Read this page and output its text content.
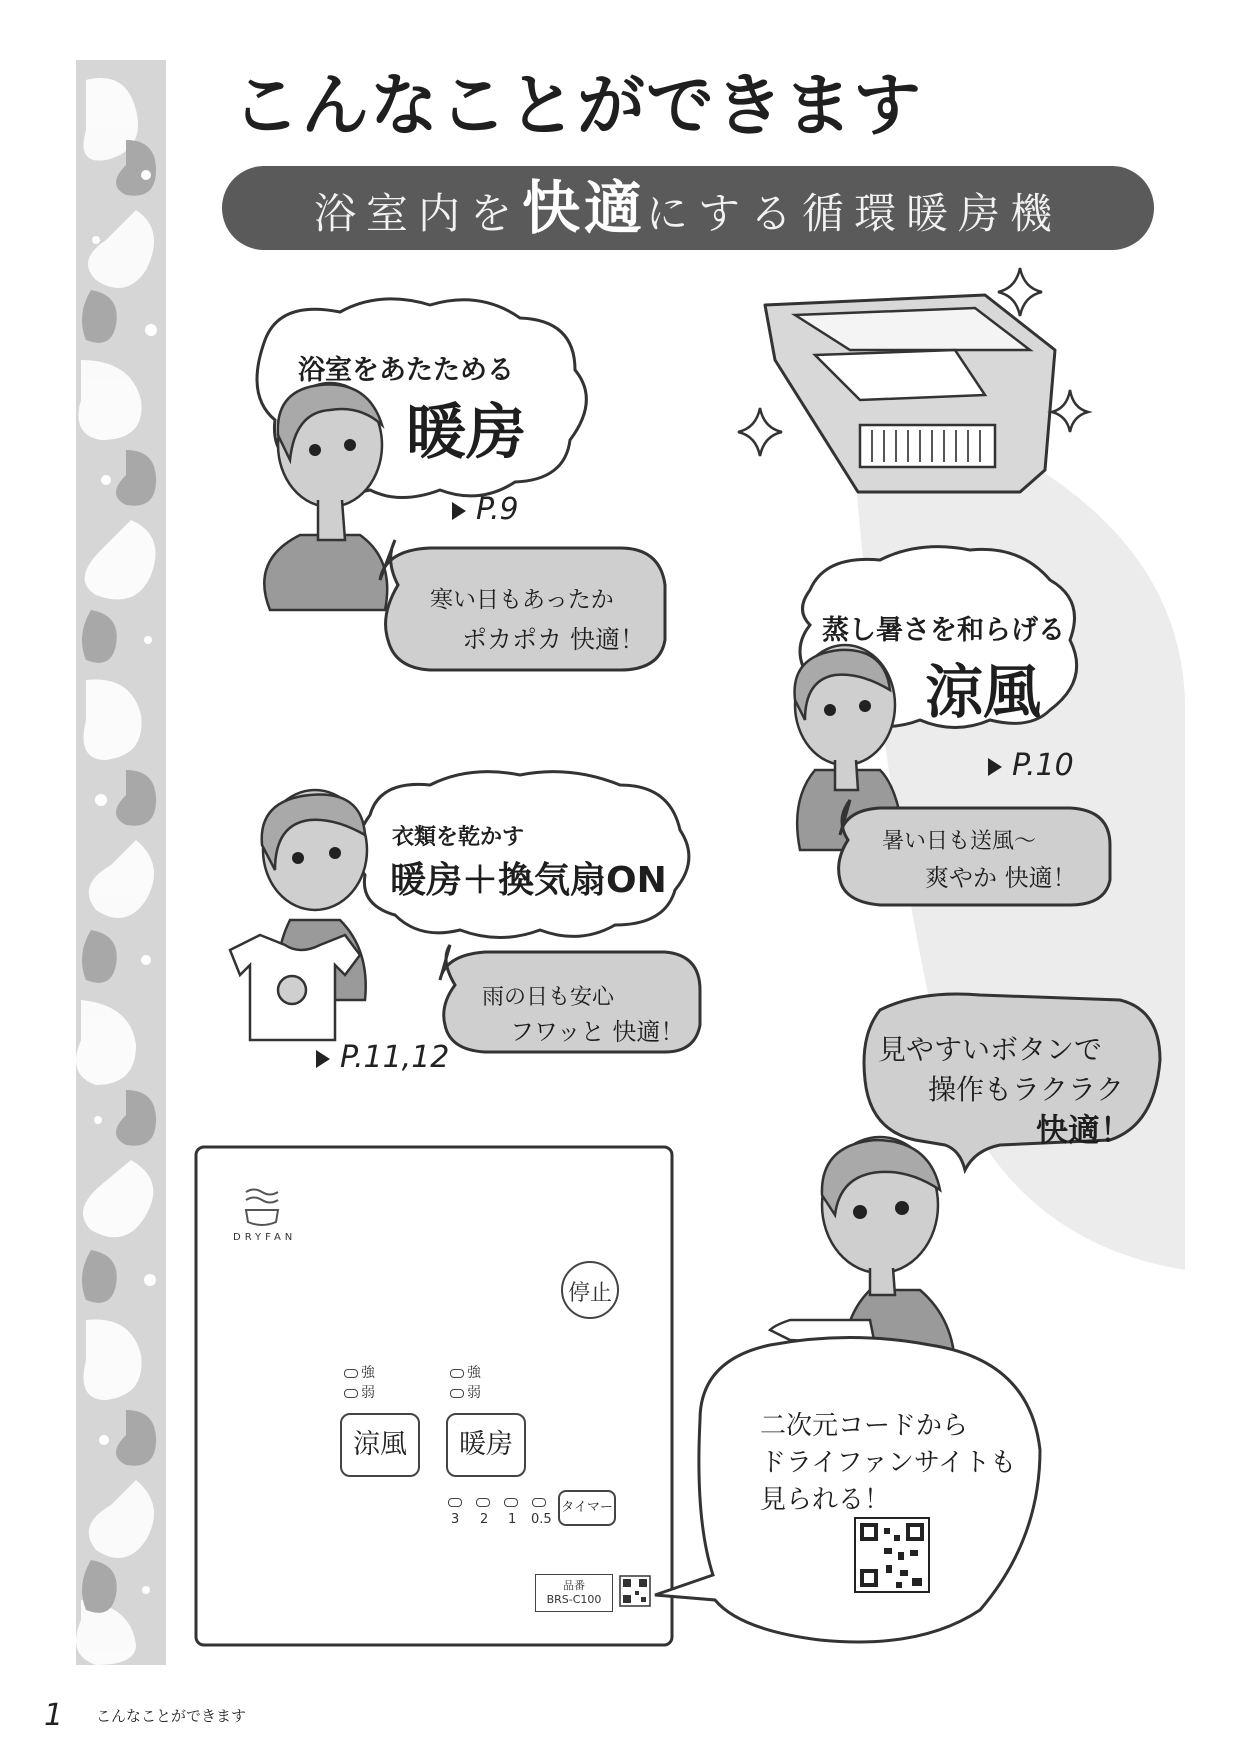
こんなことができます
浴室内を快適にする循環暖房機
浴室をあたためる
暖房
P.9
寒い日もあったか
ポカポカ 快適！	蒸し暑さを和らげる
涼風
P.10
暑い日も送風～
爽やか 快適！
衣類を乾かす
暖房＋換気扇ON
P.11,12
雨の日も安心
フワッと 快適！
見やすいボタンで
操作もラクラク
快適！
二次元コードから
ドライファンサイトも
見られる！
DRYFAN
停止
強
弱
強
弱
涼風	暖房
3 2 1 0.5
タイマー
品番
BRS-C100
1 こんなことができます
